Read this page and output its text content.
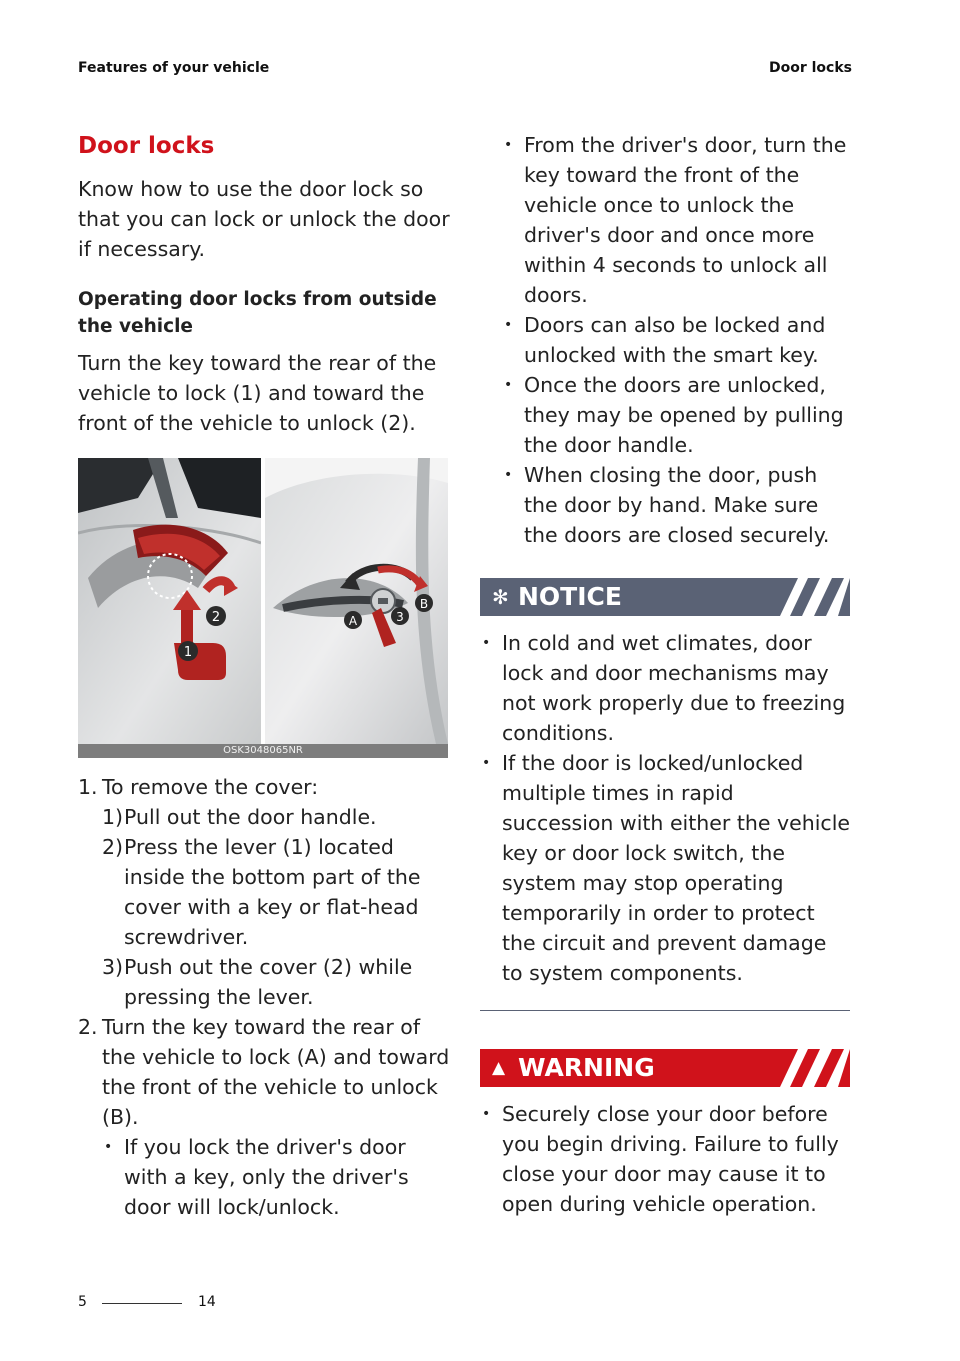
Features of your vehicle	Door locks
Door locks

Know how to use the door lock so that you can lock or unlock the door if necessary.

Operating door locks from outside the vehicle

Turn the key toward the rear of the vehicle to lock (1) and toward the front of the vehicle to unlock (2).

2
1
A
B
3
OSK3048065NR
1. To remove the cover:
1) Pull out the door handle.
2) Press the lever (1) located inside the bottom part of the cover with a key or flat-head screwdriver.
3) Push out the cover (2) while pressing the lever.
2. Turn the key toward the rear of the vehicle to lock (A) and toward the front of the vehicle to unlock (B).
• If you lock the driver's door with a key, only the driver's door will lock/unlock.
• From the driver's door, turn the key toward the front of the vehicle once to unlock the driver's door and once more within 4 seconds to unlock all doors.
• Doors can also be locked and unlocked with the smart key.
• Once the doors are unlocked, they may be opened by pulling the door handle.
• When closing the door, push the door by hand. Make sure the doors are closed securely.
✻ NOTICE
• In cold and wet climates, door lock and door mechanisms may not work properly due to freezing conditions.
• If the door is locked/unlocked multiple times in rapid succession with either the vehicle key or door lock switch, the system may stop operating temporarily in order to protect the circuit and prevent damage to system components.
▲ WARNING
• Securely close your door before you begin driving. Failure to fully close your door may cause it to open during vehicle operation.
5	14
